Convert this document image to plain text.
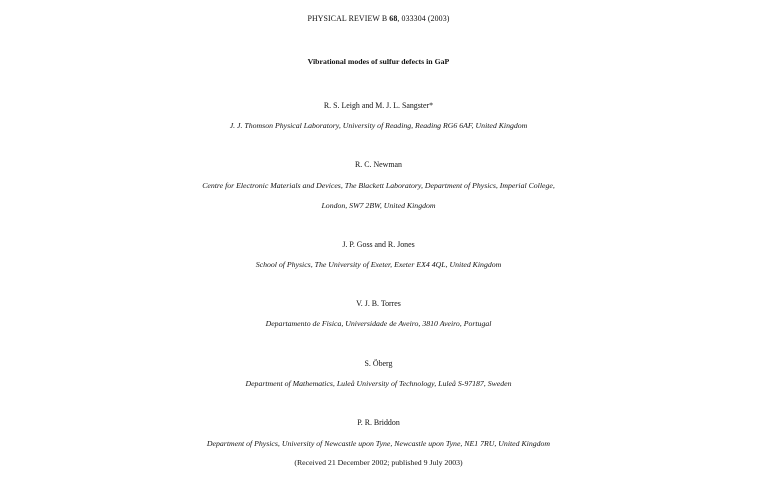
PHYSICAL REVIEW B 68, 033304 (2003)
Vibrational modes of sulfur defects in GaP
R. S. Leigh and M. J. L. Sangster*
J. J. Thomson Physical Laboratory, University of Reading, Reading RG6 6AF, United Kingdom
R. C. Newman
Centre for Electronic Materials and Devices, The Blackett Laboratory, Department of Physics, Imperial College,
London, SW7 2BW, United Kingdom
J. P. Goss and R. Jones
School of Physics, The University of Exeter, Exeter EX4 4QL, United Kingdom
V. J. B. Torres
Departamento de Fisica, Universidade de Aveiro, 3810 Aveiro, Portugal
S. Öberg
Department of Mathematics, Luleå University of Technology, Luleå S-97187, Sweden
P. R. Briddon
Department of Physics, University of Newcastle upon Tyne, Newcastle upon Tyne, NE1 7RU, United Kingdom
(Received 21 December 2002; published 9 July 2003)
